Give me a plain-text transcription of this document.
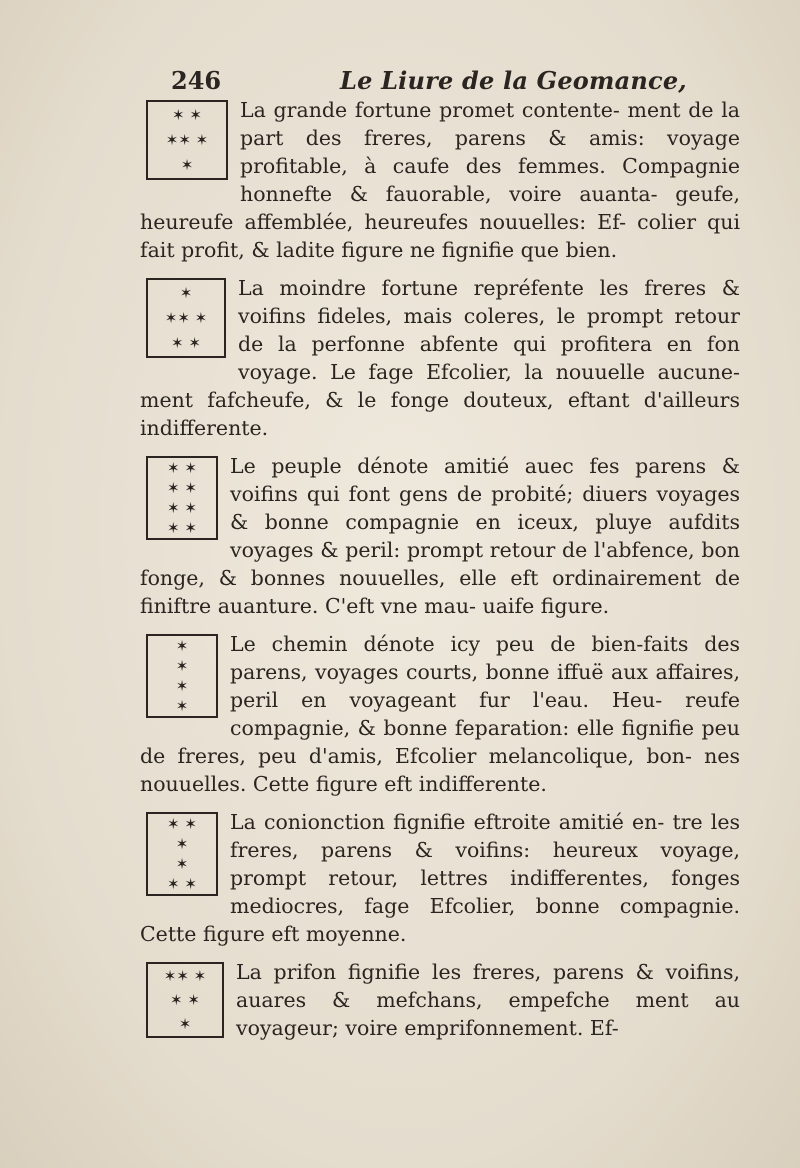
246	Le Liure de la Geomance,
✶ ✶
✶✶ ✶
✶

La grande fortune promet contente- ment de la part des freres, parens & amis: voyage profitable, à caufe des femmes. Compagnie honnefte & fauorable, voire auanta- geufe, heureufe affemblée, heureufes nouuelles: Ef- colier qui fait profit, & ladite figure ne fignifie que bien.

✶
✶✶ ✶
✶ ✶

La moindre fortune repréfente les freres & voifins fideles, mais coleres, le prompt retour de la perfonne abfente qui profitera en fon voyage. Le fage Efcolier, la nouuelle aucune- ment fafcheufe, & le fonge douteux, eftant d'ailleurs indifferente.

✶ ✶
✶ ✶
✶ ✶
✶ ✶

Le peuple dénote amitié auec fes parens & voifins qui font gens de probité; diuers voyages & bonne compagnie en iceux, pluye aufdits voyages & peril: prompt retour de l'abfence, bon fonge, & bonnes nouuelles, elle eft ordinairement de finiftre auanture. C'eft vne mau- uaife figure.

✶
✶
✶
✶

Le chemin dénote icy peu de bien-faits des parens, voyages courts, bonne iffuë aux affaires, peril en voyageant fur l'eau. Heu- reufe compagnie, & bonne feparation: elle fignifie peu de freres, peu d'amis, Efcolier melancolique, bon- nes nouuelles. Cette figure eft indifferente.

✶ ✶
✶
✶
✶ ✶

La conionction fignifie eftroite amitié en- tre les freres, parens & voifins: heureux voyage, prompt retour, lettres indifferentes, fonges mediocres, fage Efcolier, bonne compagnie. Cette figure eft moyenne.

✶✶ ✶
✶ ✶
✶

La prifon fignifie les freres, parens & voifins, auares & mefchans, empefche ment au voyageur; voire emprifonnement. Ef-
